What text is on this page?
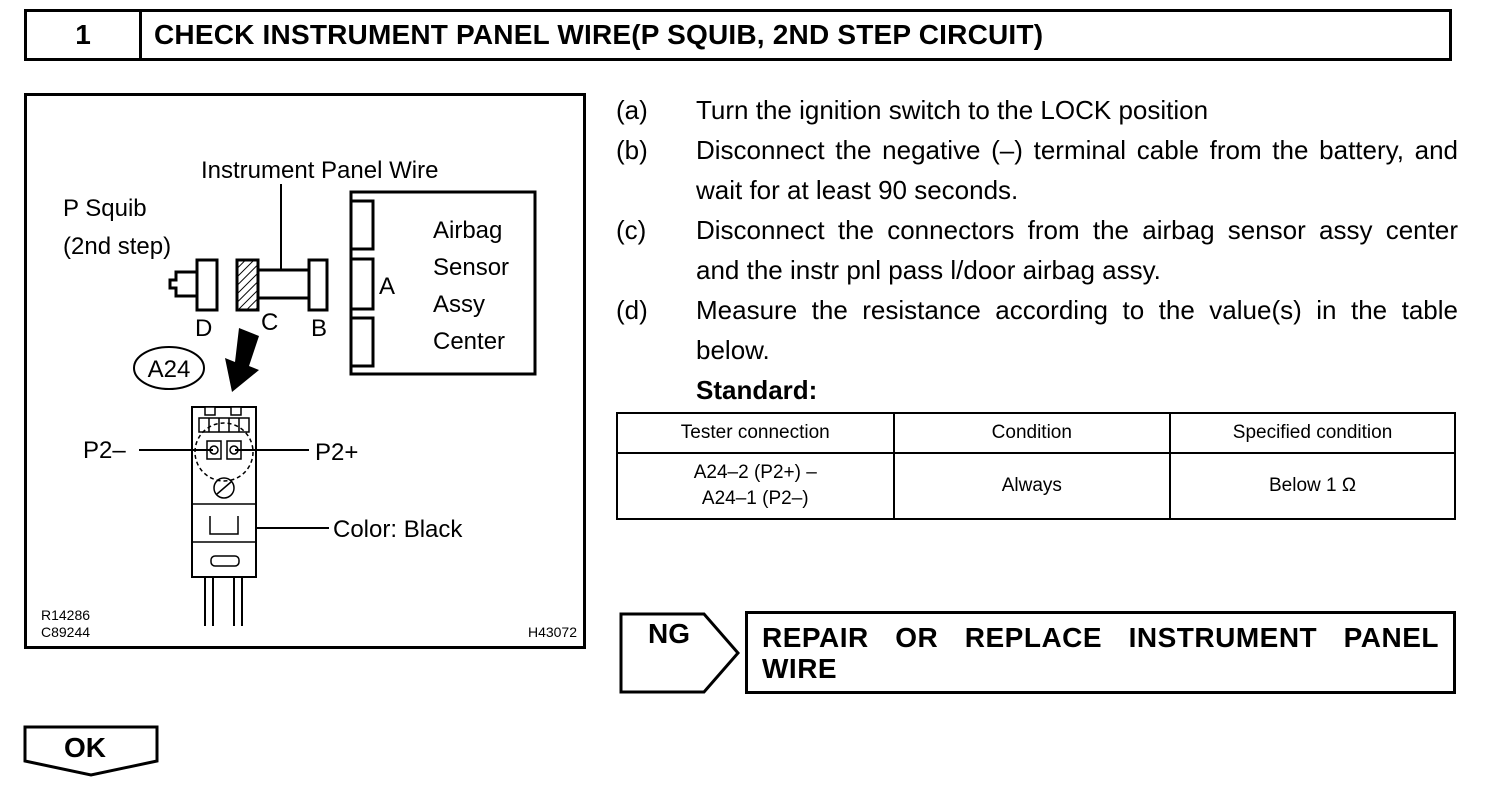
1	CHECK INSTRUMENT PANEL WIRE(P SQUIB, 2ND STEP CIRCUIT)
Airbag
Sensor
Assy
Center
A
Instrument Panel Wire
B
C
P Squib
(2nd step)
D
A24
P2–	P2+
Color: Black
R14286
C89244	H43072
(a)	Turn the ignition switch to the LOCK position
(b)	Disconnect the negative (–) terminal cable from the battery, and wait for at least 90 seconds.
(c)	Disconnect the connectors from the airbag sensor assy center and the instr pnl pass l/door airbag assy.
(d)	Measure the resistance according to the value(s) in the table below.
Standard:
Tester connection	Condition	Specified condition

A24–2 (P2+) –
A24–1 (P2–)	Always	Below 1 Ω
NG	REPAIR OR REPLACE INSTRUMENT PANEL WIRE
OK
